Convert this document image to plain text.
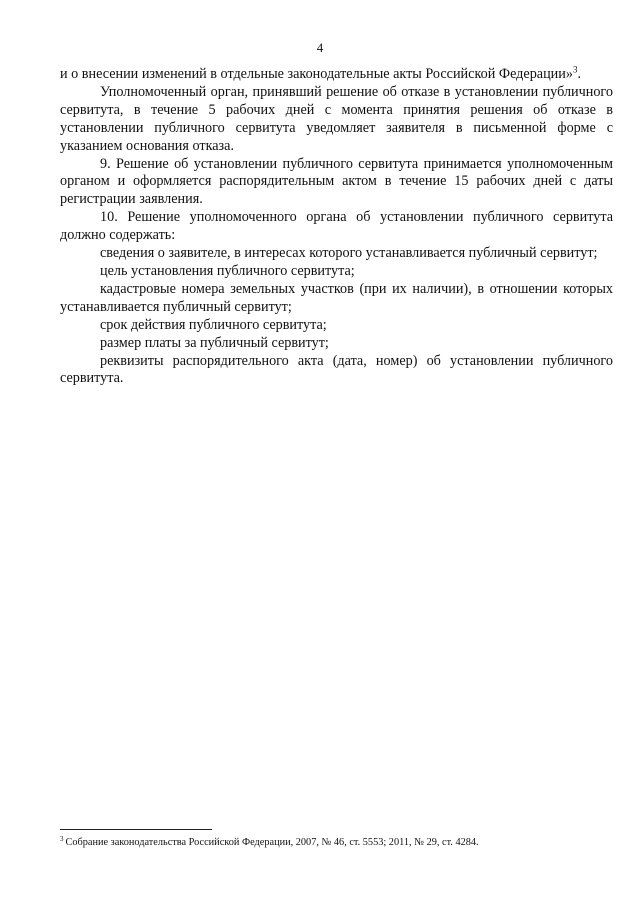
4

и о внесении изменений в отдельные законодательные акты Российской Федерации»$^3$.

Уполномоченный орган, принявший решение об отказе в установлении публичного сервитута, в течение 5 рабочих дней с момента принятия решения об отказе в установлении публичного сервитута уведомляет заявителя в письменной форме с указанием основания отказа.

9. Решение об установлении публичного сервитута принимается уполномоченным органом и оформляется распорядительным актом в течение 15 рабочих дней с даты регистрации заявления.

10. Решение уполномоченного органа об установлении публичного сервитута должно содержать:

сведения о заявителе, в интересах которого устанавливается публичный сервитут;

цель установления публичного сервитута;

кадастровые номера земельных участков (при их наличии), в отношении которых устанавливается публичный сервитут;

срок действия публичного сервитута;

размер платы за публичный сервитут;

реквизиты распорядительного акта (дата, номер) об установлении публичного сервитута.

$^3$ Собрание законодательства Российской Федерации, 2007, № 46, ст. 5553; 2011, № 29, ст. 4284.
